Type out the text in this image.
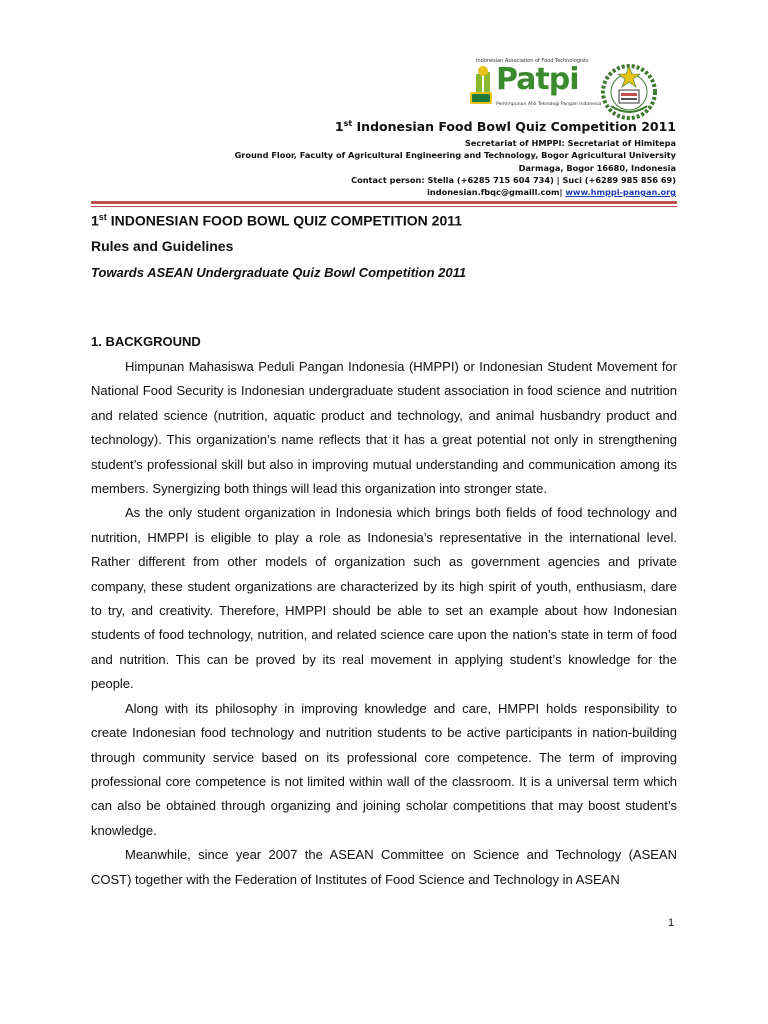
Indonesian Association of Food Technologists
Patpi
Perhimpunan Ahli Teknologi Pangan Indonesia
1st Indonesian Food Bowl Quiz Competition 2011
Secretariat of HMPPI: Secretariat of Himitepa
Ground Floor, Faculty of Agricultural Engineering and Technology, Bogor Agricultural University
Darmaga, Bogor 16680, Indonesia
Contact person: Stella (+6285 715 604 734) | Suci (+6289 985 856 69)
indonesian.fbqc@gmaill.com| www.hmppi-pangan.org
1st INDONESIAN FOOD BOWL QUIZ COMPETITION 2011
Rules and Guidelines
Towards ASEAN Undergraduate Quiz Bowl Competition 2011
1. BACKGROUND

Himpunan Mahasiswa Peduli Pangan Indonesia (HMPPI) or Indonesian Student Movement for National Food Security is Indonesian undergraduate student association in food science and nutrition and related science (nutrition, aquatic product and technology, and animal husbandry product and technology). This organization’s name reflects that it has a great potential not only in strengthening student’s professional skill but also in improving mutual understanding and communication among its members. Synergizing both things will lead this organization into stronger state.

As the only student organization in Indonesia which brings both fields of food technology and nutrition, HMPPI is eligible to play a role as Indonesia’s representative in the international level. Rather different from other models of organization such as government agencies and private company, these student organizations are characterized by its high spirit of youth, enthusiasm, dare to try, and creativity. Therefore, HMPPI should be able to set an example about how Indonesian students of food technology, nutrition, and related science care upon the nation’s state in term of food and nutrition. This can be proved by its real movement in applying student’s knowledge for the people.

Along with its philosophy in improving knowledge and care, HMPPI holds responsibility to create Indonesian food technology and nutrition students to be active participants in nation-building through community service based on its professional core competence. The term of improving professional core competence is not limited within wall of the classroom. It is a universal term which can also be obtained through organizing and joining scholar competitions that may boost student’s knowledge.

Meanwhile, since year 2007 the ASEAN Committee on Science and Technology (ASEAN COST) together with the Federation of Institutes of Food Science and Technology in ASEAN

1
